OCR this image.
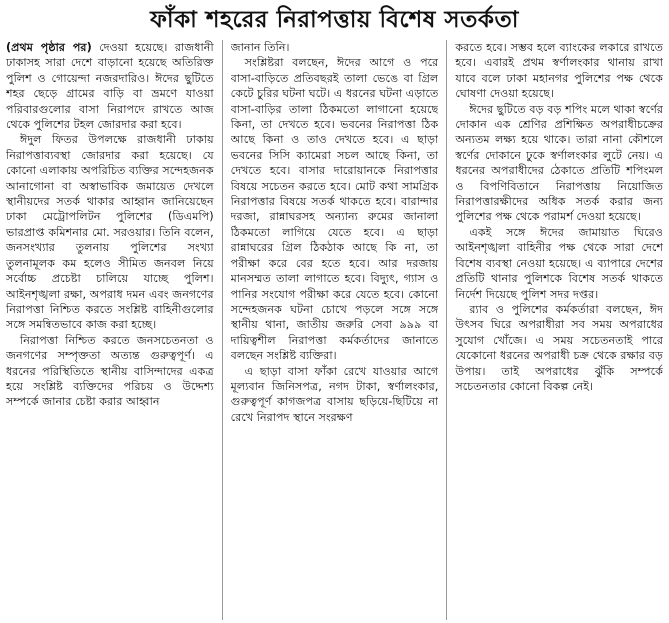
ফাঁকা শহরের নিরাপত্তায় বিশেষ সতর্কতা

(প্রথম পৃষ্ঠার পর) দেওয়া হয়েছে। রাজধানী ঢাকাসহ সারা দেশে বাড়ানো হয়েছে অতিরিক্ত পুলিশ ও গোয়েন্দা নজরদারিও। ঈদের ছুটিতে শহর ছেড়ে গ্রামের বাড়ি বা ভ্রমণে যাওয়া পরিবারগুলোর বাসা নিরাপদে রাখতে আজ থেকে পুলিশের টহল জোরদার করা হবে।

ঈদুল ফিতর উপলক্ষে রাজধানী ঢাকায় নিরাপত্তাব্যবস্থা জোরদার করা হয়েছে। যে কোনো এলাকায় অপরিচিত ব্যক্তির সন্দেহজনক আনাগোনা বা অস্বাভাবিক জমায়েত দেখলে স্থানীয়দের সতর্ক থাকার আহ্বান জানিয়েছেন ঢাকা মেট্রোপলিটন পুলিশের (ডিএমপি) ভারপ্রাপ্ত কমিশনার মো. সরওয়ার। তিনি বলেন, জনসংখ্যার তুলনায় পুলিশের সংখ্যা তুলনামূলক কম হলেও সীমিত জনবল নিয়ে সর্বোচ্চ প্রচেষ্টা চালিয়ে যাচ্ছে পুলিশ। আইনশৃঙ্খলা রক্ষা, অপরাধ দমন এবং জনগণের নিরাপত্তা নিশ্চিত করতে সংশ্লিষ্ট বাহিনীগুলোর সঙ্গে সমন্বিতভাবে কাজ করা হচ্ছে।

নিরাপত্তা নিশ্চিত করতে জনসচেতনতা ও জনগণের সম্পৃক্ততা অত্যন্ত গুরুত্বপূর্ণ। এ ধরনের পরিস্থিতিতে স্থানীয় বাসিন্দাদের একত্র হয়ে সংশ্লিষ্ট ব্যক্তিদের পরিচয় ও উদ্দেশ্য সম্পর্কে জানার চেষ্টা করার আহ্বান

জানান তিনি।

সংশ্লিষ্টরা বলছেন, ঈদের আগে ও পরে বাসা-বাড়িতে প্রতিবছরই তালা ভেঙে বা গ্রিল কেটে চুরির ঘটনা ঘটে। এ ধরনের ঘটনা এড়াতে বাসা-বাড়ির তালা ঠিকমতো লাগানো হয়েছে কিনা, তা দেখতে হবে। ভবনের নিরাপত্তা ঠিক আছে কিনা ও তাও দেখতে হবে। এ ছাড়া ভবনের সিসি ক্যামেরা সচল আছে কিনা, তা দেখতে হবে। বাসার দারোয়ানকে নিরাপত্তার বিষয়ে সচেতন করতে হবে। মোট কথা সামগ্রিক নিরাপত্তার বিষয়ে সতর্ক থাকতে হবে। বারান্দার দরজা, রান্নাঘরসহ অন্যান্য রুমের জানালা ঠিকমতো লাগিয়ে যেতে হবে। এ ছাড়া রান্নাঘরের গ্রিল ঠিকঠাক আছে কি না, তা পরীক্ষা করে বের হতে হবে। আর দরজায় মানসম্মত তালা লাগাতে হবে। বিদ্যুৎ, গ্যাস ও পানির সংযোগ পরীক্ষা করে যেতে হবে। কোনো সন্দেহজনক ঘটনা চোখে পড়লে সঙ্গে সঙ্গে স্থানীয় থানা, জাতীয় জরুরি সেবা ৯৯৯ বা দায়িত্বশীল নিরাপত্তা কর্মকর্তাদের জানাতে বলছেন সংশ্লিষ্ট ব্যক্তিরা।

এ ছাড়া বাসা ফাঁকা রেখে যাওয়ার আগে মূল্যবান জিনিসপত্র, নগদ টাকা, স্বর্ণালংকার, গুরুত্বপূর্ণ কাগজপত্র বাসায় ছড়িয়ে-ছিটিয়ে না রেখে নিরাপদ স্থানে সংরক্ষণ

করতে হবে। সম্ভব হলে ব্যাংকের লকারে রাখতে হবে। এবারই প্রথম স্বর্ণালংকার থানায় রাখা যাবে বলে ঢাকা মহানগর পুলিশের পক্ষ থেকে ঘোষণা দেওয়া হয়েছে।

ঈদের ছুটিতে বড় বড় শপিং মলে থাকা স্বর্ণের দোকান এক শ্রেণির প্রশিক্ষিত অপরাধীচক্রের অন্যতম লক্ষ্য হয়ে থাকে। তারা নানা কৌশলে স্বর্ণের দোকানে ঢুকে স্বর্ণালংকার লুটে নেয়। এ ধরনের অপরাধীদের ঠেকাতে প্রতিটি শপিংমল ও বিপণিবিতানে নিরাপত্তায় নিয়োজিত নিরাপত্তারক্ষীদের অধিক সতর্ক করার জন্য পুলিশের পক্ষ থেকে পরামর্শ দেওয়া হয়েছে।

একই সঙ্গে ঈদের জামায়াত ঘিরেও আইনশৃঙ্খলা বাহিনীর পক্ষ থেকে সারা দেশে বিশেষ ব্যবস্থা নেওয়া হয়েছে। এ ব্যাপারে দেশের প্রতিটি থানার পুলিশকে বিশেষ সতর্ক থাকতে নির্দেশ দিয়েছে পুলিশ সদর দপ্তর।

র‍্যাব ও পুলিশের কর্মকর্তারা বলছেন, ঈদ উৎসব ঘিরে অপরাধীরা সব সময় অপরাধের সুযোগ খোঁজে। এ সময় সচেতনতাই পারে যেকোনো ধরনের অপরাধী চক্র থেকে রক্ষার বড় উপায়। তাই অপরাধের ঝুঁকি সম্পর্কে সচেতনতার কোনো বিকল্প নেই।
